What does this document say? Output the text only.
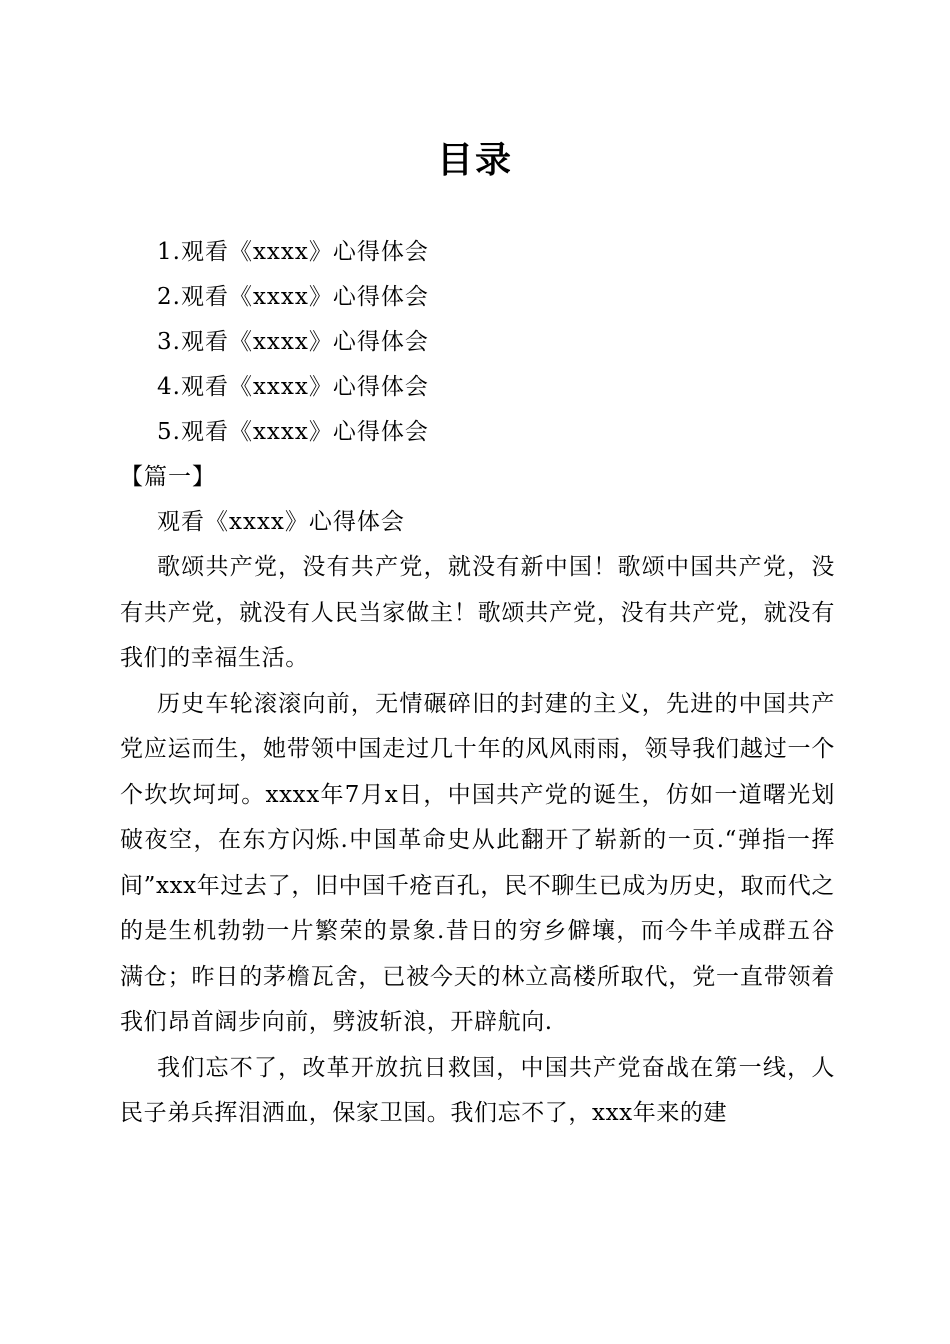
目录
1.观看《xxxx》心得体会
2.观看《xxxx》心得体会
3.观看《xxxx》心得体会
4.观看《xxxx》心得体会
5.观看《xxxx》心得体会
【篇一】
观看《xxxx》心得体会

歌颂共产党，没有共产党，就没有新中国！歌颂中国共产党，没有共产党，就没有人民当家做主！歌颂共产党，没有共产党，就没有我们的幸福生活。

历史车轮滚滚向前，无情碾碎旧的封建的主义，先进的中国共产党应运而生，她带领中国走过几十年的风风雨雨，领导我们越过一个个坎坎坷坷。xxxx年7月x日，中国共产党的诞生，仿如一道曙光划破夜空，在东方闪烁.中国革命史从此翻开了崭新的一页.“弹指一挥间”xxx年过去了，旧中国千疮百孔，民不聊生已成为历史，取而代之的是生机勃勃一片繁荣的景象.昔日的穷乡僻壤，而今牛羊成群五谷满仓；昨日的茅檐瓦舍，已被今天的林立高楼所取代，党一直带领着我们昂首阔步向前，劈波斩浪，开辟航向.

我们忘不了，改革开放抗日救国，中国共产党奋战在第一线，人民子弟兵挥泪洒血，保家卫国。我们忘不了，xxx年来的建
